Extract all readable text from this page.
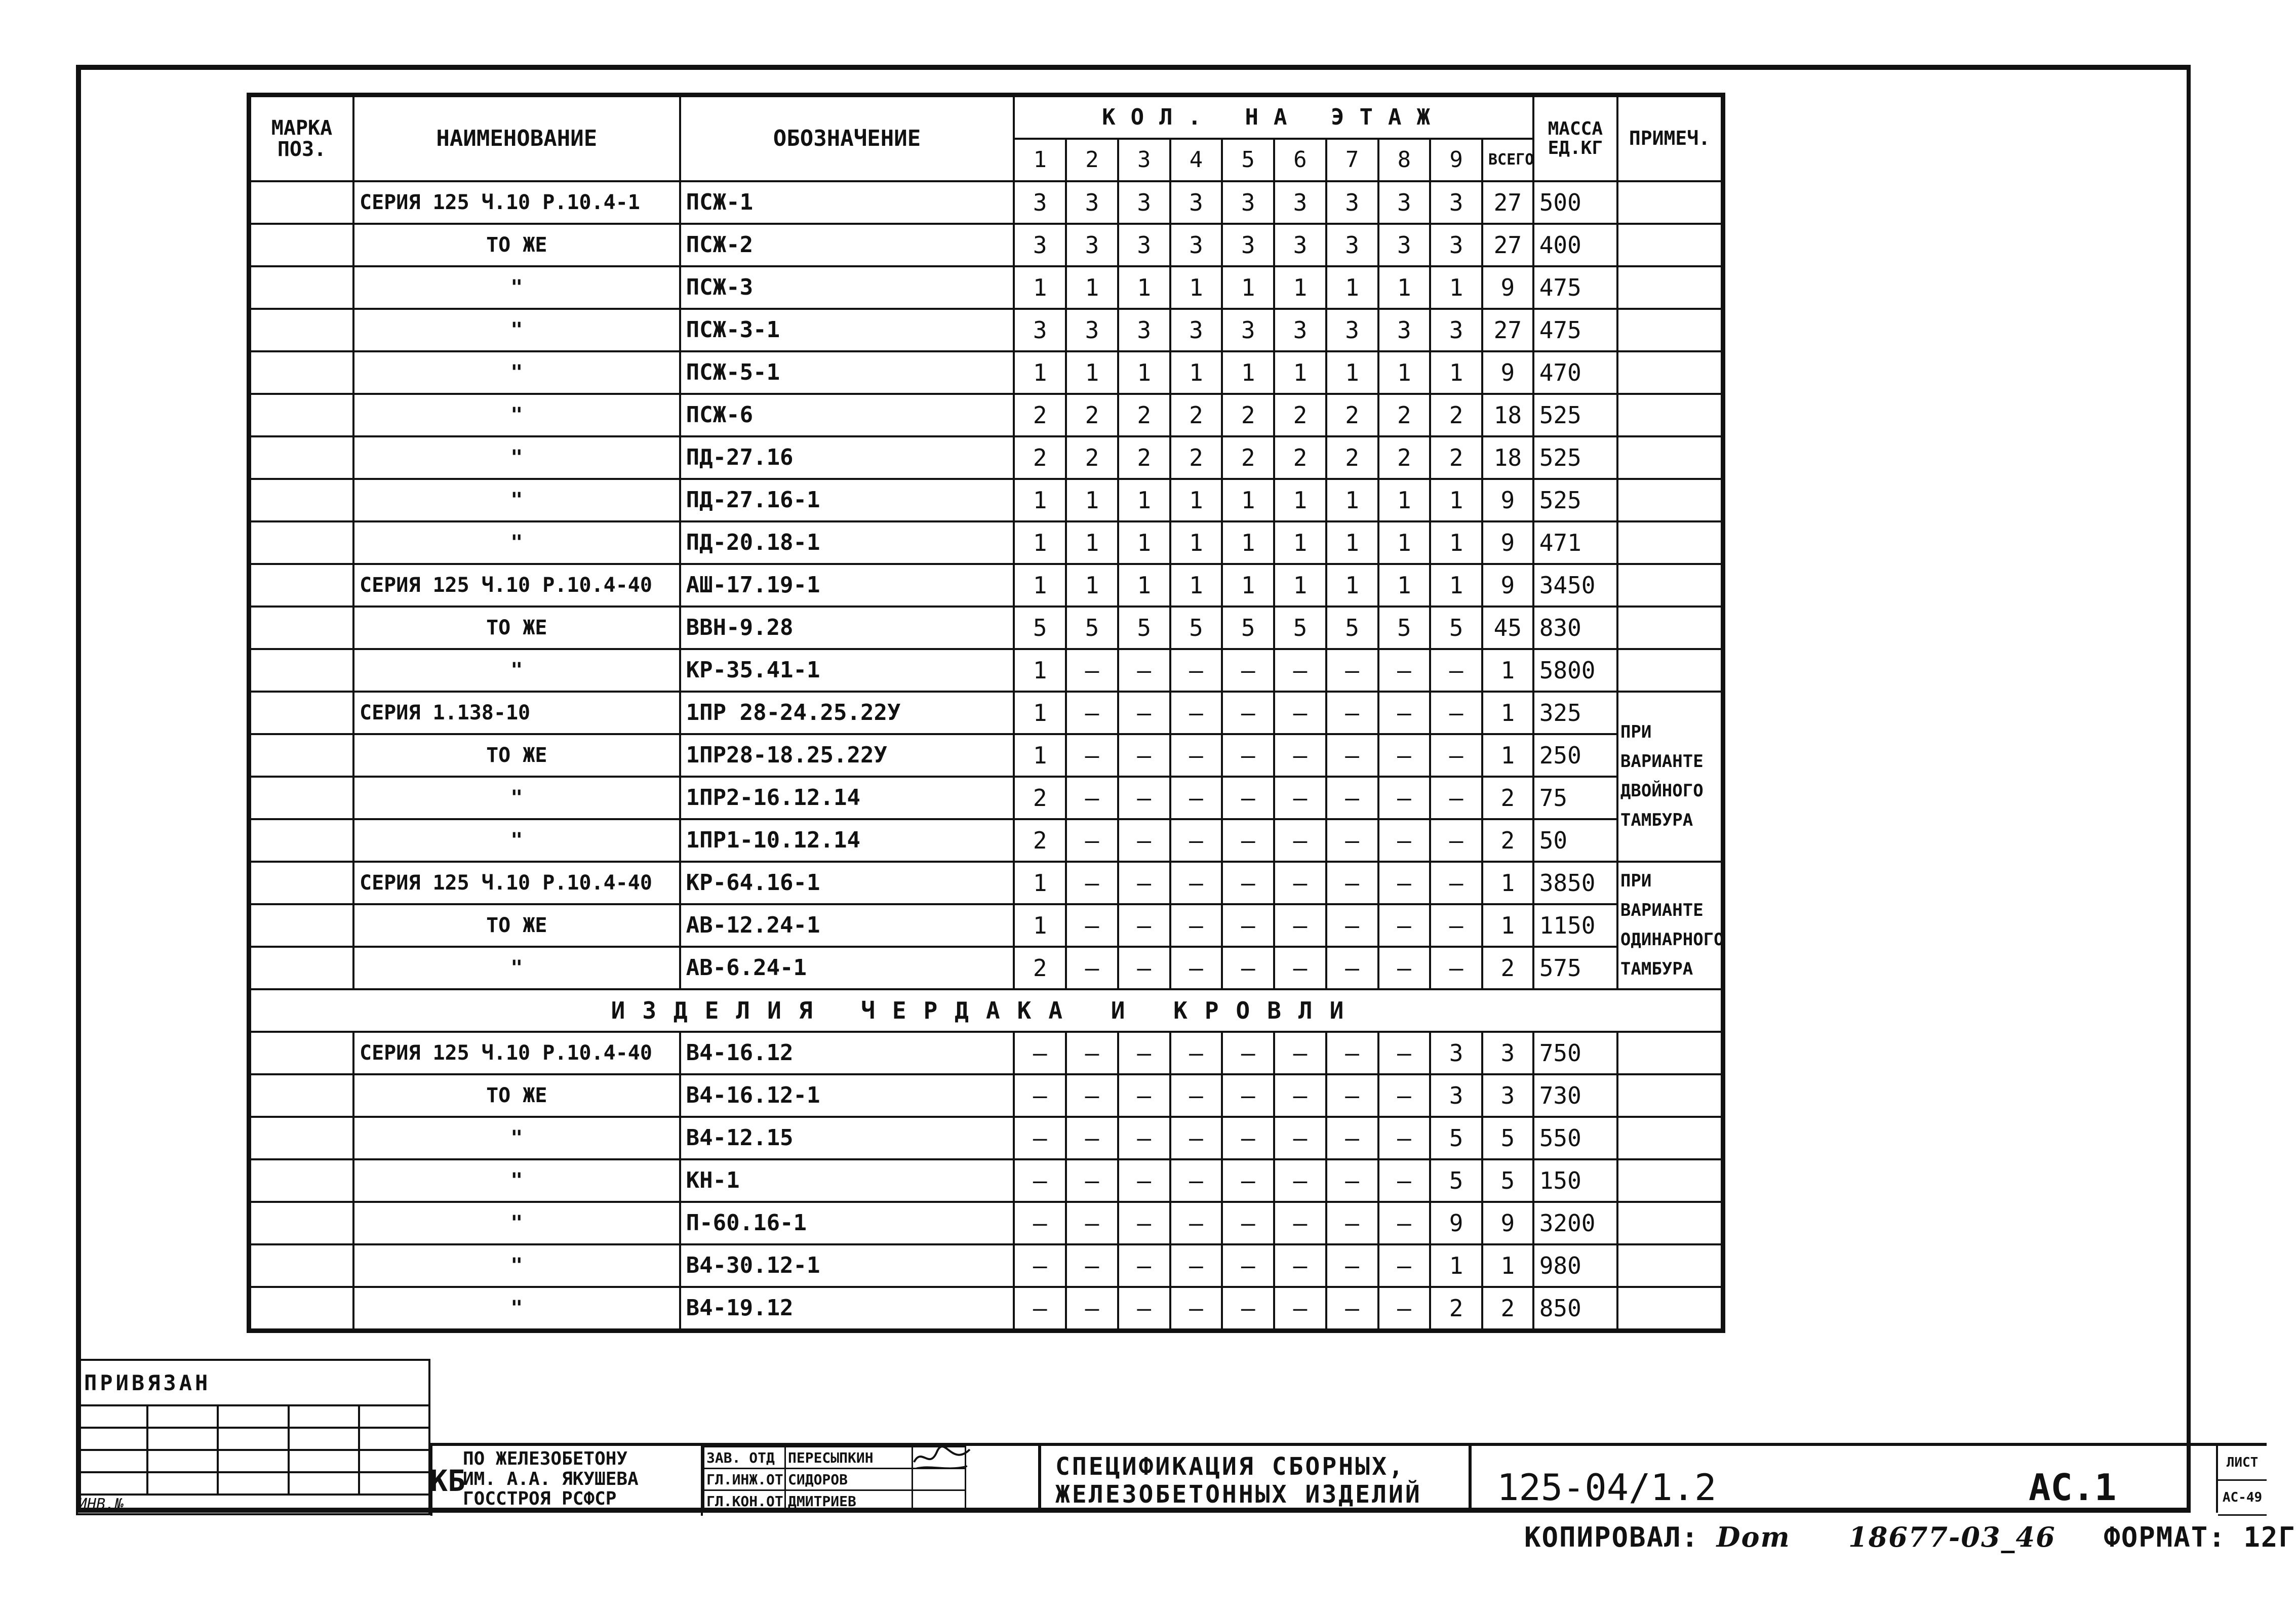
МАРКА ПОЗ.	НАИМЕНОВАНИЕ	ОБОЗНАЧЕНИЕ	КОЛ. НА ЭТАЖ										МАССА ЕД.КГ	ПРИМЕЧ.
			1	2	3	4	5	6	7	8	9	ВСЕГО		
	СЕРИЯ 125 Ч.10 Р.10.4-1	ПСЖ-1	3	3	3	3	3	3	3	3	3	27	500	
	ТО ЖЕ	ПСЖ-2	3	3	3	3	3	3	3	3	3	27	400	
	"	ПСЖ-3	1	1	1	1	1	1	1	1	1	9	475	
	"	ПСЖ-3-1	3	3	3	3	3	3	3	3	3	27	475	
	"	ПСЖ-5-1	1	1	1	1	1	1	1	1	1	9	470	
	"	ПСЖ-6	2	2	2	2	2	2	2	2	2	18	525	
	"	ПД-27.16	2	2	2	2	2	2	2	2	2	18	525	
	"	ПД-27.16-1	1	1	1	1	1	1	1	1	1	9	525	
	"	ПД-20.18-1	1	1	1	1	1	1	1	1	1	9	471	
	СЕРИЯ 125 Ч.10 Р.10.4-40	АШ-17.19-1	1	1	1	1	1	1	1	1	1	9	3450	
	ТО ЖЕ	ВВН-9.28	5	5	5	5	5	5	5	5	5	45	830	
	"	КР-35.41-1	1	—	—	—	—	—	—	—	—	1	5800	
	СЕРИЯ 1.138-10	1ПР 28-24.25.22У	1	—	—	—	—	—	—	—	—	1	325	ПРИ ВАРИАНТЕ ДВОЙНОГО ТАМБУРА
	ТО ЖЕ	1ПР28-18.25.22У	1	—	—	—	—	—	—	—	—	1	250	
	"	1ПР2-16.12.14	2	—	—	—	—	—	—	—	—	2	75	
	"	1ПР1-10.12.14	2	—	—	—	—	—	—	—	—	2	50	
	СЕРИЯ 125 Ч.10 Р.10.4-40	КР-64.16-1	1	—	—	—	—	—	—	—	—	1	3850	ПРИ ВАРИАНТЕ ОДИНАРНОГО ТАМБУРА
	ТО ЖЕ	АВ-12.24-1	1	—	—	—	—	—	—	—	—	1	1150	
	"	АВ-6.24-1	2	—	—	—	—	—	—	—	—	2	575	
ИЗДЕЛИЯ ЧЕРДАКА И КРОВЛИ														
	СЕРИЯ 125 Ч.10 Р.10.4-40	В4-16.12	—	—	—	—	—	—	—	—	3	3	750	
	ТО ЖЕ	В4-16.12-1	—	—	—	—	—	—	—	—	3	3	730	
	"	В4-12.15	—	—	—	—	—	—	—	—	5	5	550	
	"	КН-1	—	—	—	—	—	—	—	—	5	5	150	
	"	П-60.16-1	—	—	—	—	—	—	—	—	9	9	3200	
	"	В4-30.12-1	—	—	—	—	—	—	—	—	1	1	980	
	"	В4-19.12	—	—	—	—	—	—	—	—	2	2	850	
ПРИВЯЗАН				

ИНВ.№				
КБ
ПО ЖЕЛЕЗОБЕТОНУ
ИМ. А.А. ЯКУШЕВА
ГОССТРОЯ РСФСР
ЗАВ. ОТД	ПЕРЕСЫПКИН	
ГЛ.ИНЖ.ОТ	СИДОРОВ	
ГЛ.КОН.ОТ	ДМИТРИЕВ	
СПЕЦИФИКАЦИЯ СБОРНЫХ,
ЖЕЛЕЗОБЕТОННЫХ ИЗДЕЛИЙ	125-04/1.2	АС.1
ЛИСТ
АС-49
КОПИРОВАЛ: Dom 18677-03_46 ФОРМАТ: 12Г
